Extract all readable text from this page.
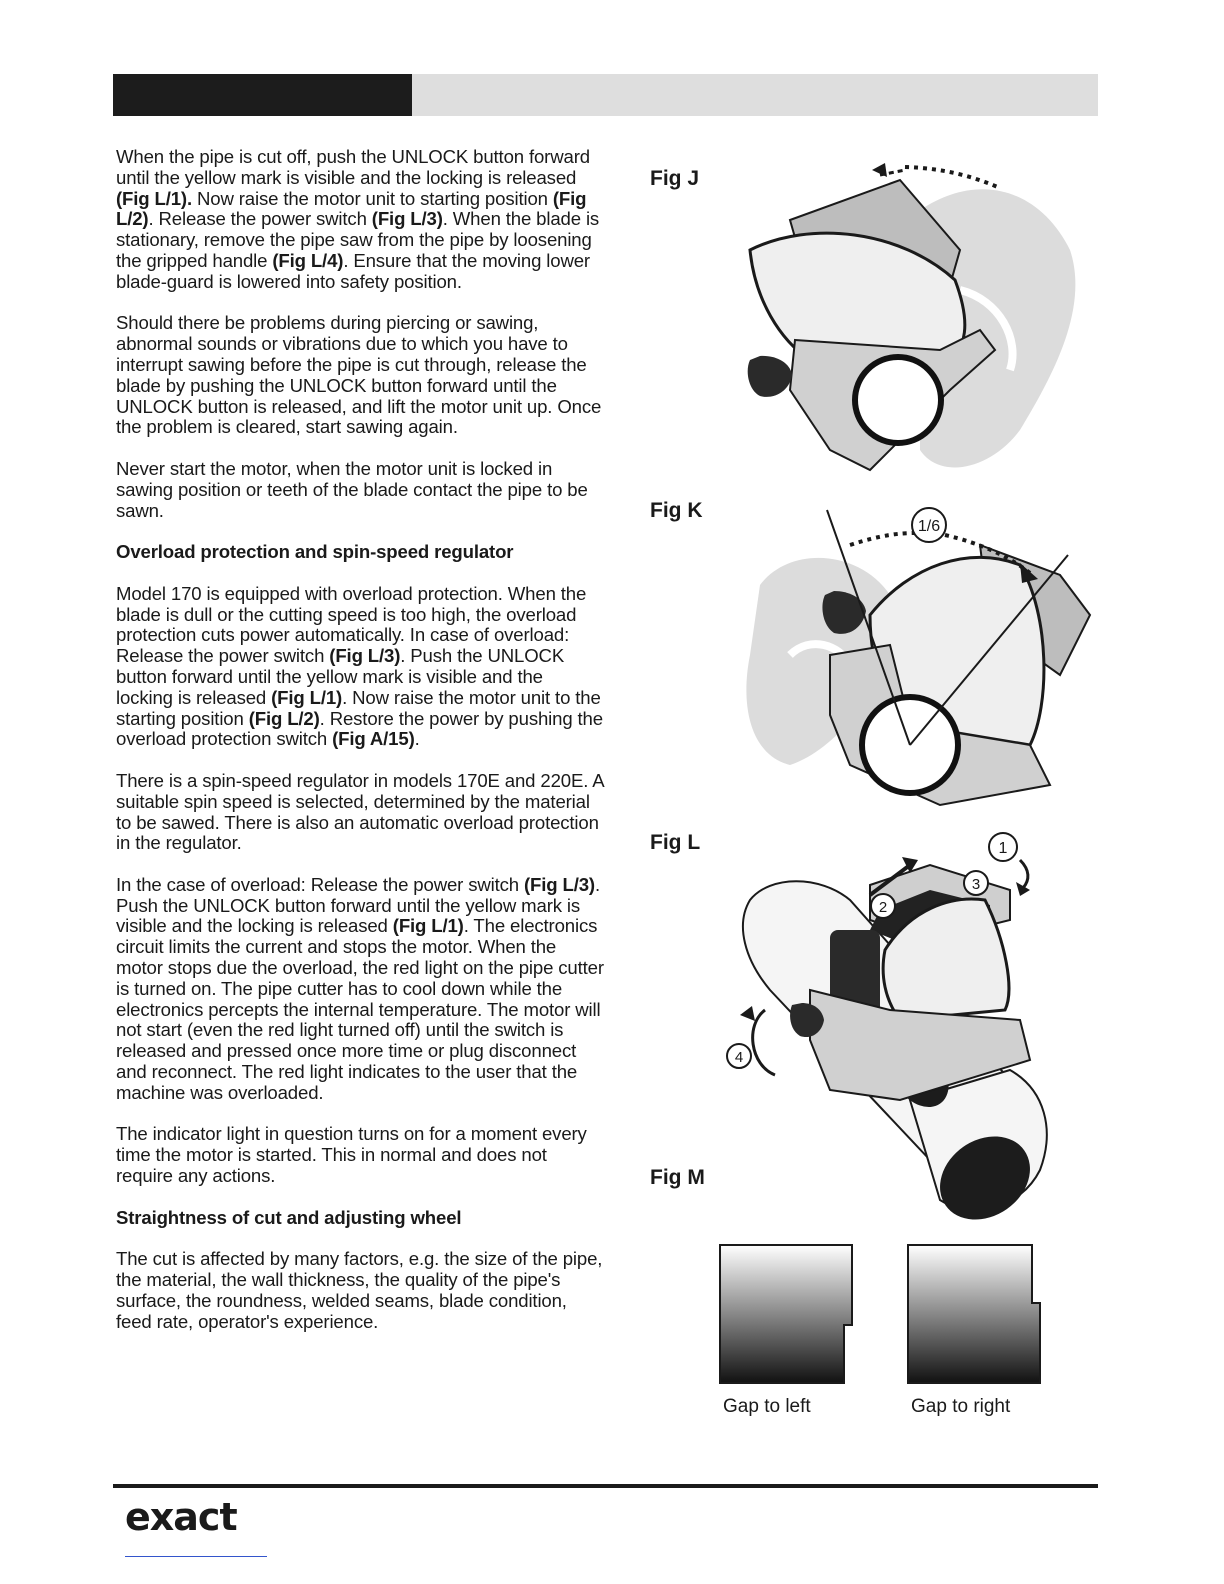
When the pipe is cut off, push the UNLOCK button forward until the yellow mark is visible and the locking is released (Fig L/1). Now raise the motor unit to starting position (Fig L/2). Release the power switch (Fig L/3). When the blade is stationary, remove the pipe saw from the pipe by loosening the gripped handle (Fig L/4). Ensure that the moving lower blade-guard is lowered into safety position.

Should there be problems during piercing or sawing, abnormal sounds or vibrations due to which you have to interrupt sawing before the pipe is cut through, release the blade by pushing the UNLOCK button forward until the UNLOCK button is released, and lift the motor unit up. Once the problem is cleared, start sawing again.

Never start the motor, when the motor unit is locked in sawing position or teeth of the blade contact the pipe to be sawn.

Overload protection and spin-speed regulator

Model 170 is equipped with overload protection. When the blade is dull or the cutting speed is too high, the overload protection cuts power automatically. In case of overload: Release the power switch (Fig L/3). Push the UNLOCK button forward until the yellow mark is visible and the locking is released (Fig L/1). Now raise the motor unit to the starting position (Fig L/2). Restore the power by pushing the overload protection switch (Fig A/15).

There is a spin-speed regulator in models 170E and 220E. A suitable spin speed is selected, determined by the material to be sawed. There is also an automatic overload protection in the regulator.

In the case of overload: Release the power switch (Fig L/3). Push the UNLOCK button forward until the yellow mark is visible and the locking is released (Fig L/1). The electronics circuit limits the current and stops the motor. When the motor stops due the overload, the red light on the pipe cutter is turned on. The pipe cutter has to cool down while the electronics percepts the internal temperature. The motor will not start (even the red light turned off) until the switch is released and pressed once more time or plug disconnect and reconnect. The red light indicates to the user that the machine was overloaded.

The indicator light in question turns on for a moment every time the motor is started. This in normal and does not require any actions.

Straightness of cut and adjusting wheel

The cut is affected by many factors, e.g. the size of the pipe, the material, the wall thickness, the quality of the pipe's surface, the roundness, welded seams, blade condition, feed rate, operator's experience.

Fig J
Fig K
Fig L
Fig M
1/6
1
2
3
4
Gap to left	Gap to right
exact
